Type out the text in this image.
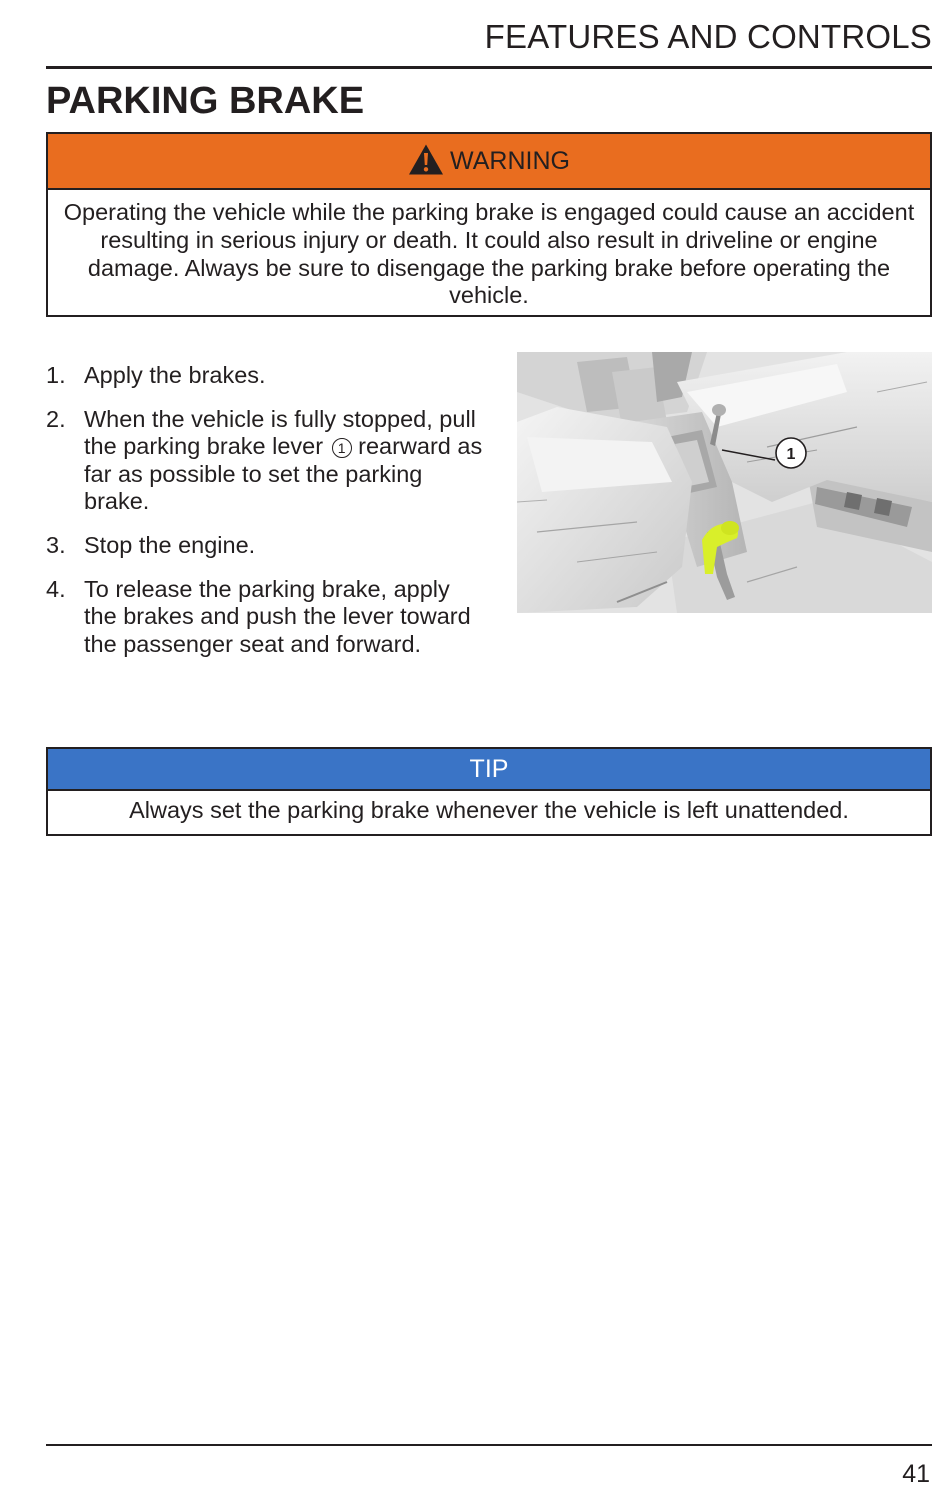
FEATURES AND CONTROLS
PARKING BRAKE
WARNING
Operating the vehicle while the parking brake is engaged could cause an accident resulting in serious injury or death. It could also result in driveline or engine damage. Always be sure to disengage the parking brake before operating the vehicle.
1. Apply the brakes.
2. When the vehicle is fully stopped, pull the parking brake lever 1 rearward as far as possible to set the parking brake.
3. Stop the engine.
4. To release the parking brake, apply the brakes and push the lever toward the passenger seat and forward.
1
TIP
Always set the parking brake whenever the vehicle is left unattended.
41
